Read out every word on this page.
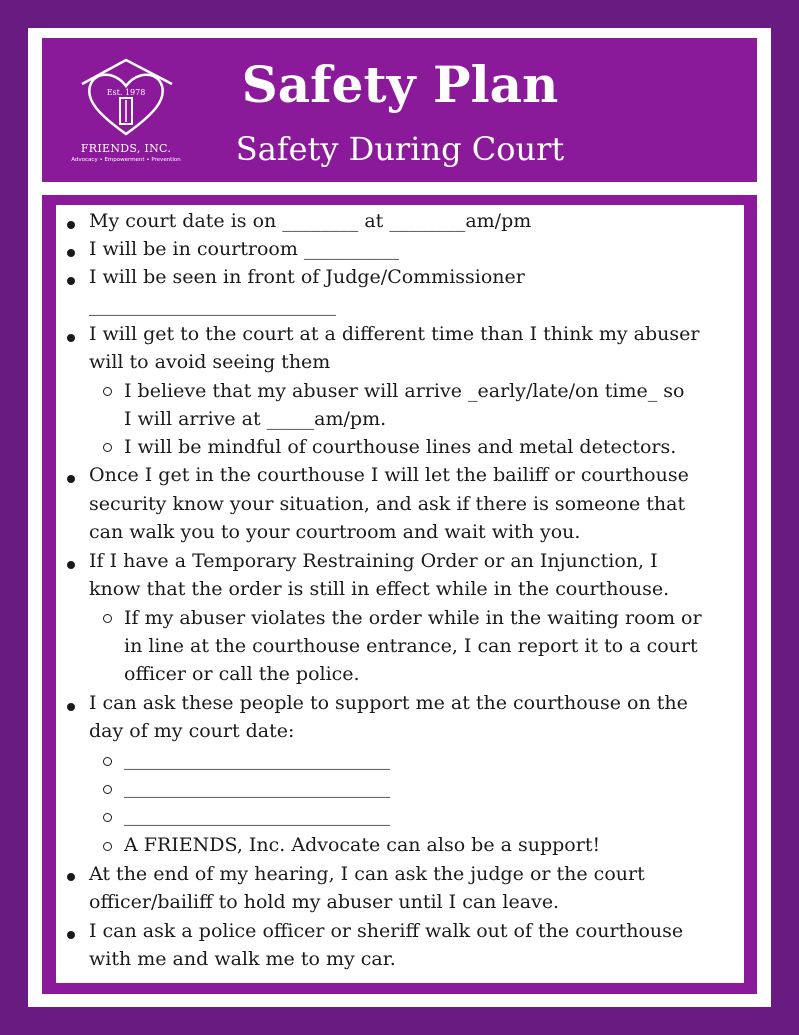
Est. 1978
FRIENDS, INC.
Advocacy • Empowerment • Prevention
Safety Plan
Safety During Court
My court date is on ________ at ________am/pm
I will be in courtroom __________
I will be seen in front of Judge/Commissioner
__________________________
I will get to the court at a different time than I think my abuser
will to avoid seeing them
I believe that my abuser will arrive _early/late/on time_ so
I will arrive at _____am/pm.
I will be mindful of courthouse lines and metal detectors.
Once I get in the courthouse I will let the bailiff or courthouse
security know your situation, and ask if there is someone that
can walk you to your courtroom and wait with you.
If I have a Temporary Restraining Order or an Injunction, I
know that the order is still in effect while in the courthouse.
If my abuser violates the order while in the waiting room or
in line at the courthouse entrance, I can report it to a court
officer or call the police.
I can ask these people to support me at the courthouse on the
day of my court date:
____________________________
____________________________
____________________________
A FRIENDS, Inc. Advocate can also be a support!
At the end of my hearing, I can ask the judge or the court
officer/bailiff to hold my abuser until I can leave.
I can ask a police officer or sheriff walk out of the courthouse
with me and walk me to my car.
